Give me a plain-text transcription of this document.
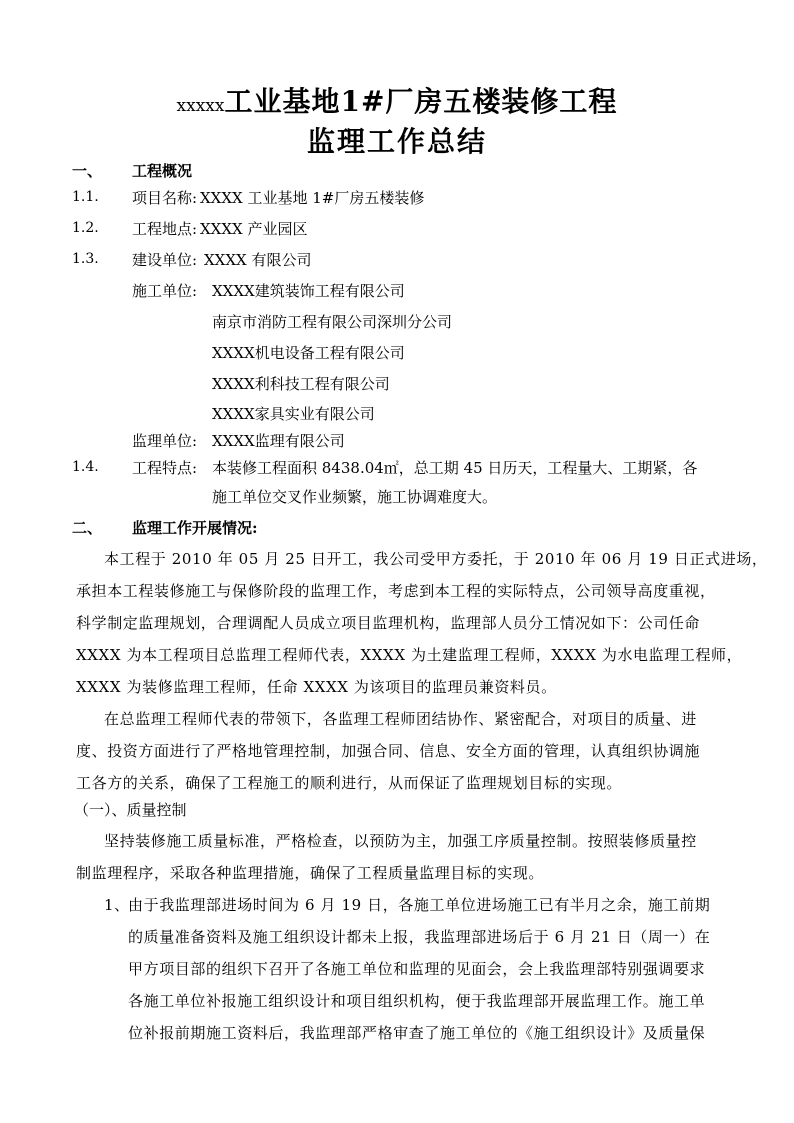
xxxxx工业基地1#厂房五楼装修工程
监理工作总结
一、 工程概况
1.1. 项目名称: XXXX 工业基地 1#厂房五楼装修
1.2. 工程地点: XXXX 产业园区
1.3. 建设单位: XXXX 有限公司
施工单位: XXXX建筑装饰工程有限公司
南京市消防工程有限公司深圳分公司
XXXX机电设备工程有限公司
XXXX利科技工程有限公司
XXXX家具实业有限公司
监理单位: XXXX监理有限公司
1.4. 工程特点: 本装修工程面积 8438.04㎡，总工期 45 日历天，工程量大、工期紧，各
施工单位交叉作业频繁，施工协调难度大。
二、 监理工作开展情况:
本工程于 2010 年 05 月 25 日开工，我公司受甲方委托，于 2010 年 06 月 19 日正式进场，
承担本工程装修施工与保修阶段的监理工作，考虑到本工程的实际特点，公司领导高度重视，
科学制定监理规划，合理调配人员成立项目监理机构，监理部人员分工情况如下：公司任命
XXXX 为本工程项目总监理工程师代表，XXXX 为土建监理工程师，XXXX 为水电监理工程师，
XXXX 为装修监理工程师，任命 XXXX 为该项目的监理员兼资料员。
在总监理工程师代表的带领下，各监理工程师团结协作、紧密配合，对项目的质量、进
度、投资方面进行了严格地管理控制，加强合同、信息、安全方面的管理，认真组织协调施
工各方的关系，确保了工程施工的顺利进行，从而保证了监理规划目标的实现。
（一）、质量控制
坚持装修施工质量标准，严格检查，以预防为主，加强工序质量控制。按照装修质量控
制监理程序，采取各种监理措施，确保了工程质量监理目标的实现。
1、
由于我监理部进场时间为 6 月 19 日，各施工单位进场施工已有半月之余，施工前期
的质量准备资料及施工组织设计都未上报，我监理部进场后于 6 月 21 日（周一）在
甲方项目部的组织下召开了各施工单位和监理的见面会，会上我监理部特别强调要求
各施工单位补报施工组织设计和项目组织机构，便于我监理部开展监理工作。施工单
位补报前期施工资料后，我监理部严格审查了施工单位的《施工组织设计》及质量保
